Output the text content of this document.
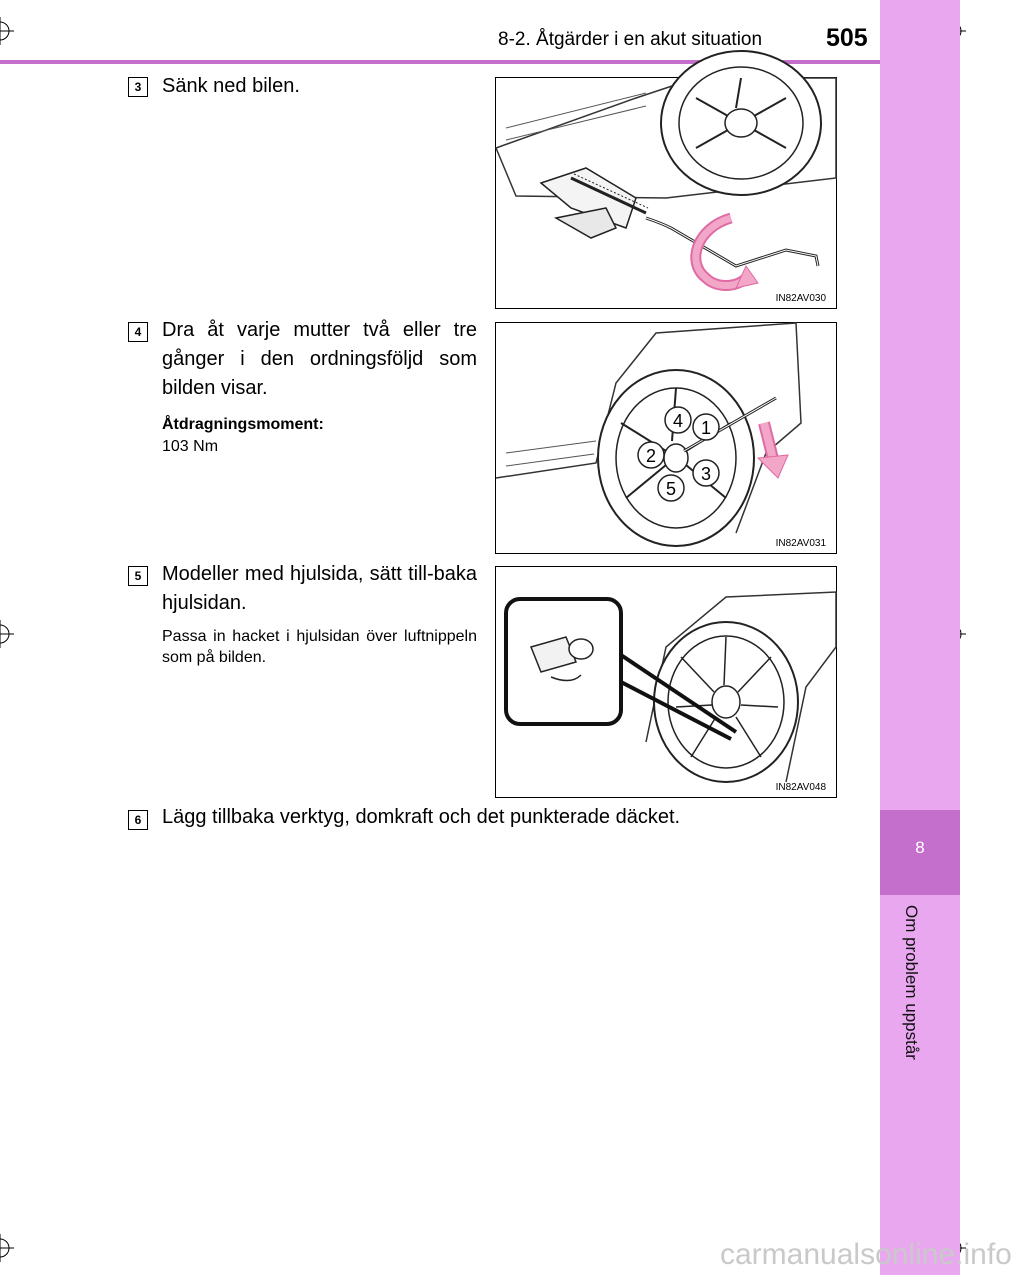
8
Om problem uppstår
8-2. Åtgärder i en akut situation	505
3	Sänk ned bilen.
IN82AV030
4	Dra åt varje mutter två eller tre gånger i den ordningsföljd som bilden visar.
Åtdragningsmoment:
103 Nm
4 1
2
3
5
IN82AV031
5	Modeller med hjulsida, sätt till-baka hjulsidan.
Passa in hacket i hjulsidan över luftnippeln som på bilden.
IN82AV048
6	Lägg tillbaka verktyg, domkraft och det punkterade däcket.
carmanualsonline.info
